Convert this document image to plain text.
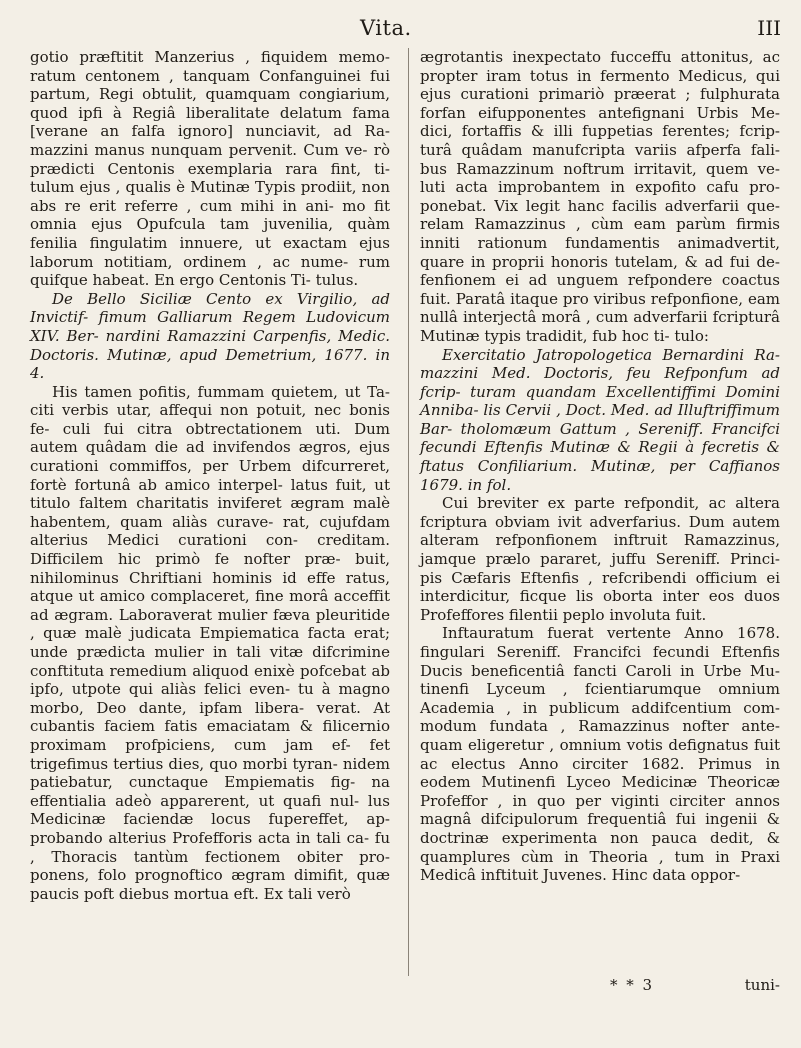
Vita.	III

gotio præftitit Manzerius , fiquidem memo- ratum centonem , tanquam Confanguinei fui partum, Regi obtulit, quamquam congiarium, quod ipfi à Regiâ liberalitate delatum fama [verane an falfa ignoro] nunciavit, ad Ra- mazzini manus nunquam pervenit. Cum ve- rò prædicti Centonis exemplaria rara fint, ti- tulum ejus , qualis è Mutinæ Typis prodiit, non abs re erit referre , cum mihi in ani- mo fit omnia ejus Opufcula tam juvenilia, quàm fenilia fingulatim innuere, ut exactam ejus laborum notitiam, ordinem , ac nume- rum quifque habeat. En ergo Centonis Ti- tulus.

De Bello Siciliæ Cento ex Virgilio, ad Invictif- fimum Galliarum Regem Ludovicum XIV. Ber- nardini Ramazzini Carpenfis, Medic. Doctoris. Mutinæ, apud Demetrium, 1677. in 4.

His tamen pofitis, fummam quietem, ut Ta- citi verbis utar, affequi non potuit, nec bonis fe- culi fui citra obtrectationem uti. Dum autem quâdam die ad invifendos ægros, ejus curationi commiffos, per Urbem difcurreret, fortè fortunâ ab amico interpel- latus fuit, ut titulo faltem charitatis inviferet ægram malè habentem, quam aliàs curave- rat, cujufdam alterius Medici curationi con- creditam. Difficilem hic primò fe nofter præ- buit, nihilominus Chriftiani hominis id effe ratus, atque ut amico complaceret, fine morâ acceffit ad ægram. Laboraverat mulier fæva pleuritide , quæ malè judicata Empiematica facta erat; unde prædicta mulier in tali vitæ difcrimine conftituta remedium aliquod enixè pofcebat ab ipfo, utpote qui aliàs felici even- tu à magno morbo, Deo dante, ipfam libera- verat. At cubantis faciem fatis emaciatam & filicernio proximam profpiciens, cum jam ef- fet trigefimus tertius dies, quo morbi tyran- nidem patiebatur, cunctaque Empiematis fig- na effentialia adeò apparerent, ut quafi nul- lus Medicinæ faciendæ locus fupereffet, ap- probando alterius Profefforis acta in tali ca- fu , Thoracis tantùm fectionem obiter pro- ponens, folo prognoftico ægram dimifit, quæ paucis poft diebus mortua eft. Ex tali verò

ægrotantis inexpectato fucceffu attonitus, ac propter iram totus in fermento Medicus, qui ejus curationi primariò præerat ; fulphurata forfan eifupponentes antefignani Urbis Me- dici, fortaffis & illi fuppetias ferentes; fcrip- turâ quâdam manufcripta variis afperfa fali- bus Ramazzinum noftrum irritavit, quem ve- luti acta improbantem in expofito cafu pro- ponebat. Vix legit hanc facilis adverfarii que- relam Ramazzinus , cùm eam parùm firmis inniti rationum fundamentis animadvertit, quare in proprii honoris tutelam, & ad fui de- fenfionem ei ad unguem refpondere coactus fuit. Paratâ itaque pro viribus refponfione, eam nullâ interjectâ morâ , cum adverfarii fcripturâ Mutinæ typis tradidit, fub hoc ti- tulo:

Exercitatio Jatropologetica Bernardini Ra- mazzini Med. Doctoris, feu Refponfum ad fcrip- turam quandam Excellentiffimi Domini Anniba- lis Cervii , Doct. Med. ad Illuftriffimum Bar- tholomæum Gattum , Sereniff. Francifci fecundi Eftenfis Mutinæ & Regii à fecretis & ftatus Confiliarium. Mutinæ, per Caffianos 1679. in fol.

Cui breviter ex parte refpondit, ac altera fcriptura obviam ivit adverfarius. Dum autem alteram refponfionem inftruit Ramazzinus, jamque prælo pararet, juffu Sereniff. Princi- pis Cæfaris Eftenfis , refcribendi officium ei interdicitur, ficque lis oborta inter eos duos Profeffores filentii peplo involuta fuit.

Inftauratum fuerat vertente Anno 1678. fingulari Sereniff. Francifci fecundi Eftenfis Ducis beneficentiâ fancti Caroli in Urbe Mu- tinenfi Lyceum , fcientiarumque omnium Academia , in publicum addifcentium com- modum fundata , Ramazzinus nofter ante- quam eligeretur , omnium votis defignatus fuit ac electus Anno circiter 1682. Primus in eodem Mutinenfi Lyceo Medicinæ Theoricæ Profeffor , in quo per viginti circiter annos magnâ difcipulorum frequentiâ fui ingenii & doctrinæ experimenta non pauca dedit, & quamplures cùm in Theoria , tum in Praxi Medicâ inftituit Juvenes. Hinc data oppor-

* * 3	tuni-
